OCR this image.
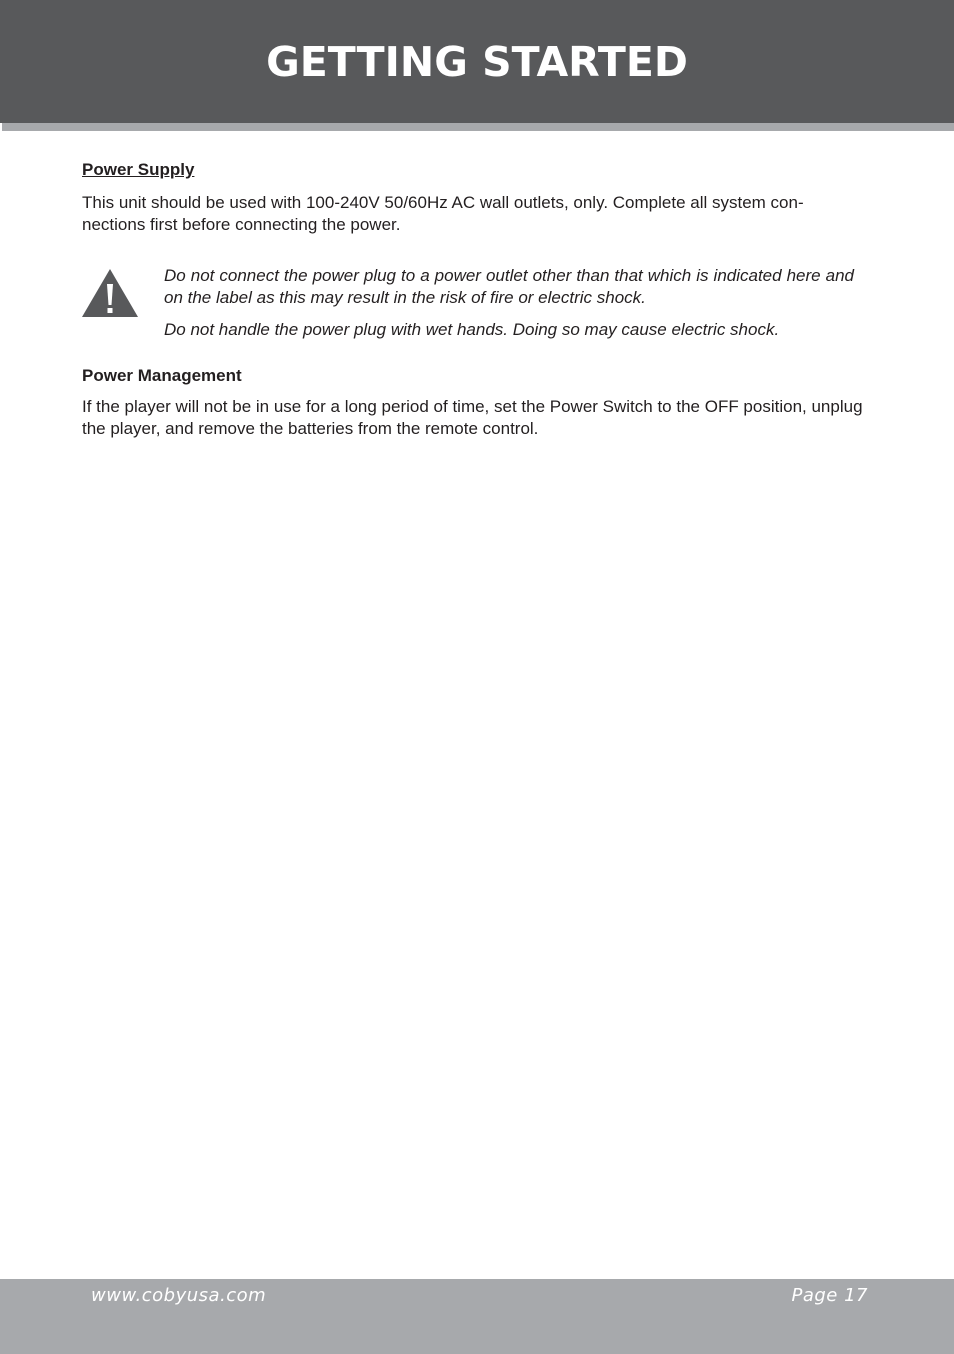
GETTING STARTED
Power Supply
This unit should be used with 100-240V 50/60Hz AC wall outlets, only. Complete all system con-
nections first before connecting the power.
Do not connect the power plug to a power outlet other than that which is indicated here and on the label as this may result in the risk of fire or electric shock.
Do not handle the power plug with wet hands. Doing so may cause electric shock.
Power Management
If the player will not be in use for a long period of time, set the Power Switch to the OFF position, unplug the player, and remove the batteries from the remote control.
www.cobyusa.com	Page 17
